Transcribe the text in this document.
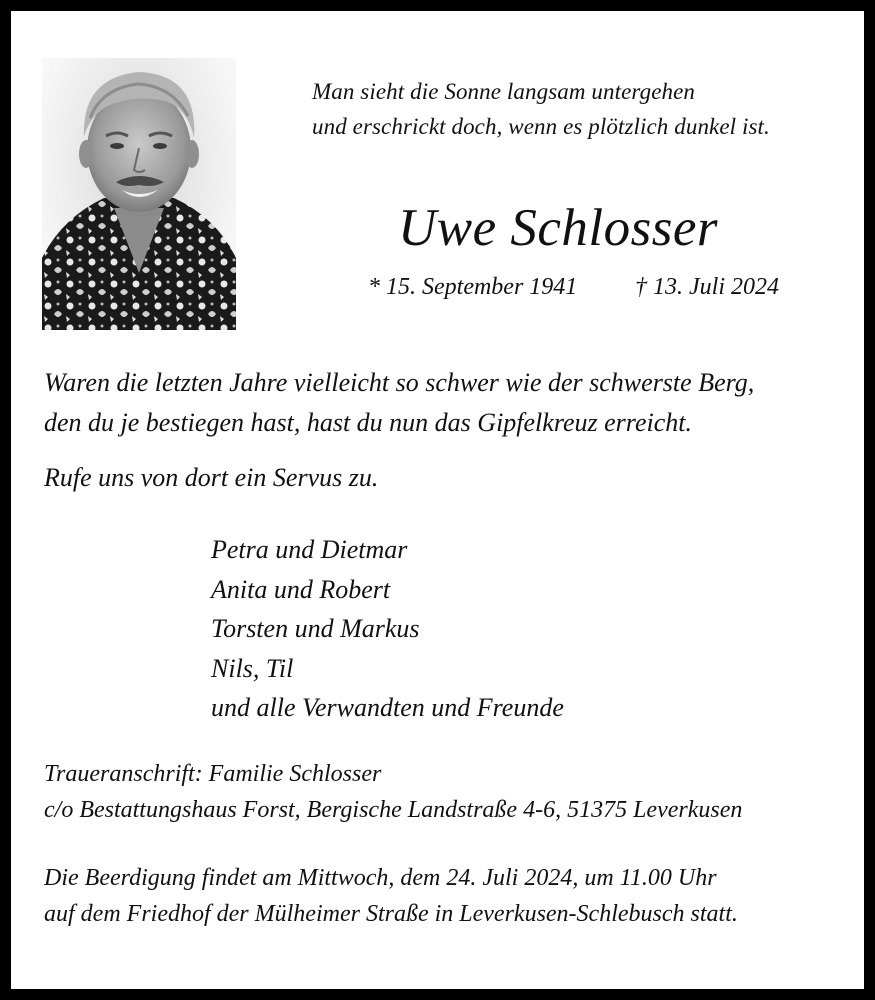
Man sieht die Sonne langsam untergehen
und erschrickt doch, wenn es plötzlich dunkel ist.
Uwe Schlosser
* 15. September 1941 † 13. Juli 2024
Waren die letzten Jahre vielleicht so schwer wie der schwerste Berg,
den du je bestiegen hast, hast du nun das Gipfelkreuz erreicht.
Rufe uns von dort ein Servus zu.
Petra und Dietmar
Anita und Robert
Torsten und Markus
Nils, Til
und alle Verwandten und Freunde
Traueranschrift: Familie Schlosser
c/o Bestattungshaus Forst, Bergische Landstraße 4-6, 51375 Leverkusen
Die Beerdigung findet am Mittwoch, dem 24. Juli 2024, um 11.00 Uhr
auf dem Friedhof der Mülheimer Straße in Leverkusen-Schlebusch statt.
